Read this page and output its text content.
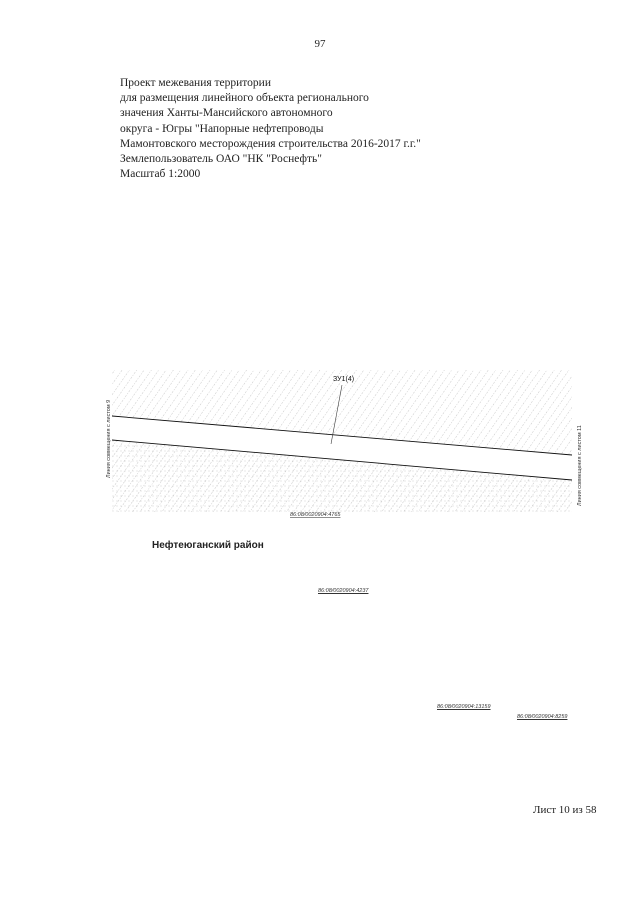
97
Проект межевания территории
для размещения линейного объекта регионального
значения Ханты-Мансийского автономного
округа - Югры "Напорные нефтепроводы
Мамонтовского месторождения строительства 2016-2017 г.г."
Землепользователь ОАО "НК "Роснефть"
Масштаб 1:2000
ЗУ1(4)
Линия совмещения с листом 9	Линия совмещения с листом 11
86:08/0020904:4765
Нефтеюганский район
86:08/0020904:4237
86:08/0020904:13159
86:08/0020904:8259
Лист 10 из 58
